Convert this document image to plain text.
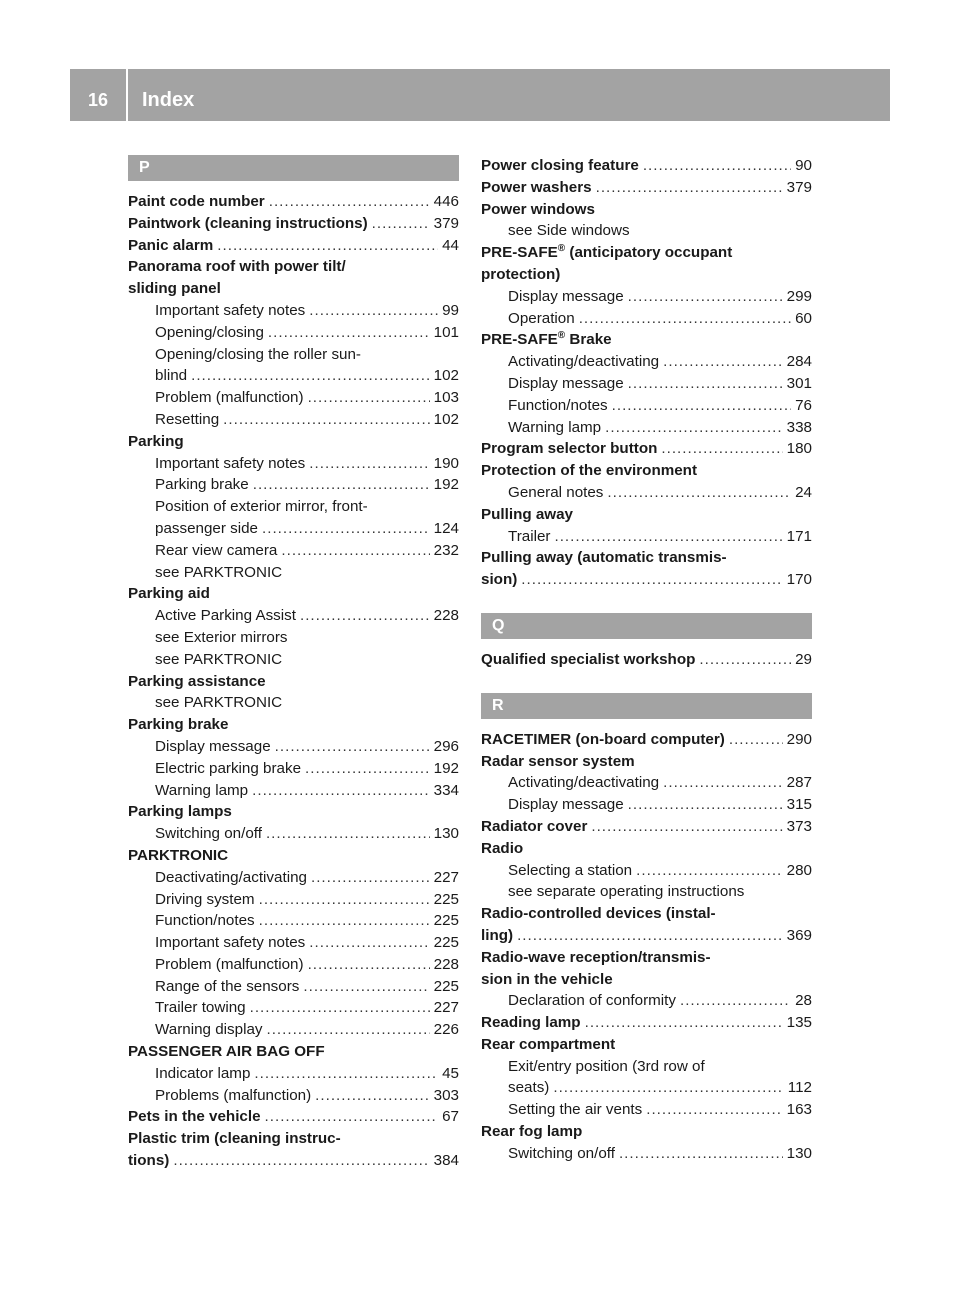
16	Index
P
Paint code number .....	446
Paintwork (cleaning instructions) .....	379
Panic alarm .....	44
Panorama roof with power tilt/
sliding panel
Important safety notes .....	99
Opening/closing .....	101
Opening/closing the roller sun-
blind .....	102
Problem (malfunction) .....	103
Resetting .....	102
Parking
Important safety notes .....	190
Parking brake .....	192
Position of exterior mirror, front-
passenger side .....	124
Rear view camera .....	232
see PARKTRONIC
Parking aid
Active Parking Assist .....	228
see Exterior mirrors
see PARKTRONIC
Parking assistance
see PARKTRONIC
Parking brake
Display message .....	296
Electric parking brake .....	192
Warning lamp .....	334
Parking lamps
Switching on/off .....	130
PARKTRONIC
Deactivating/activating .....	227
Driving system .....	225
Function/notes .....	225
Important safety notes .....	225
Problem (malfunction) .....	228
Range of the sensors .....	225
Trailer towing .....	227
Warning display .....	226
PASSENGER AIR BAG OFF
Indicator lamp .....	45
Problems (malfunction) .....	303
Pets in the vehicle .....	67
Plastic trim (cleaning instruc-
tions) .....	384
Power closing feature .....	90
Power washers .....	379
Power windows
see Side windows
PRE-SAFE® (anticipatory occupant
protection)
Display message .....	299
Operation .....	60
PRE-SAFE® Brake
Activating/deactivating .....	284
Display message .....	301
Function/notes .....	76
Warning lamp .....	338
Program selector button .....	180
Protection of the environment
General notes .....	24
Pulling away
Trailer .....	171
Pulling away (automatic transmis-
sion) .....	170
Q
Qualified specialist workshop .....	29
R
RACETIMER (on-board computer) .....	290
Radar sensor system
Activating/deactivating .....	287
Display message .....	315
Radiator cover .....	373
Radio
Selecting a station .....	280
see separate operating instructions
Radio-controlled devices (instal-
ling) .....	369
Radio-wave reception/transmis-
sion in the vehicle
Declaration of conformity .....	28
Reading lamp .....	135
Rear compartment
Exit/entry position (3rd row of
seats) .....	112
Setting the air vents .....	163
Rear fog lamp
Switching on/off .....	130
